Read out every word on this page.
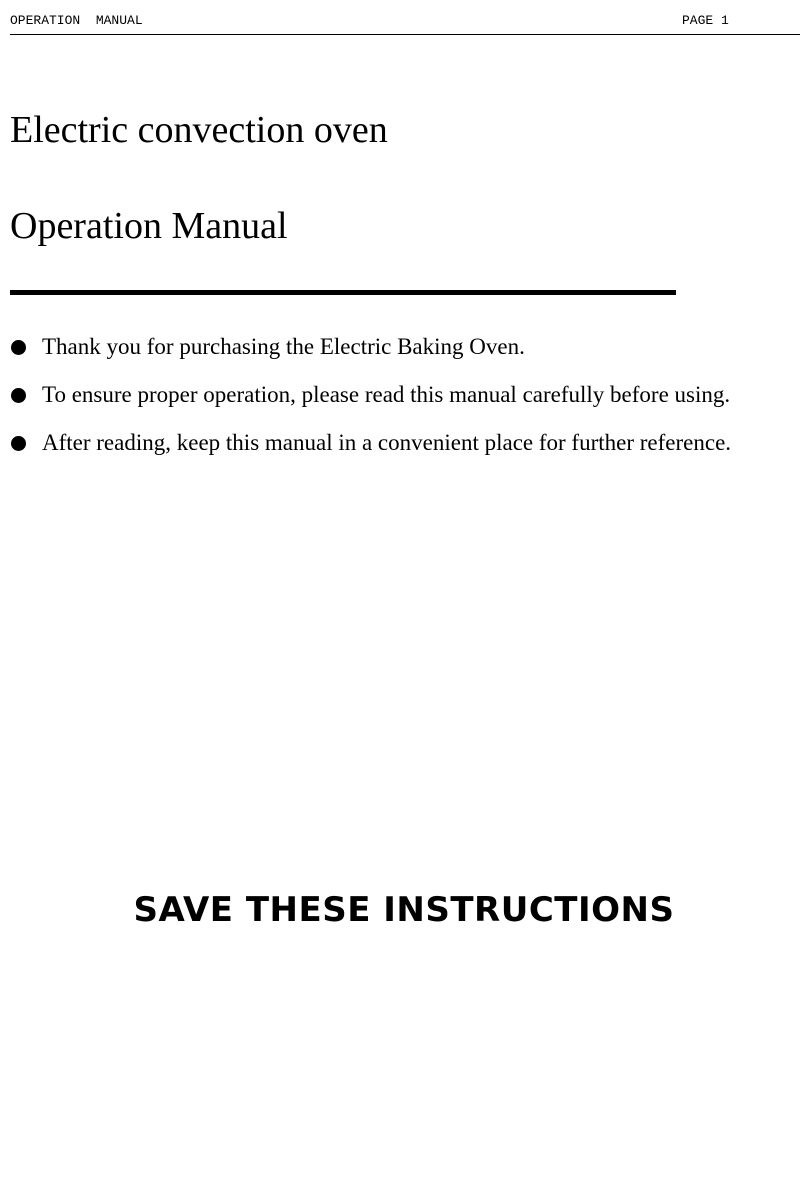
OPERATION  MANUAL	PAGE 1
Electric convection oven
Operation Manual
Thank you for purchasing the Electric Baking Oven.
To ensure proper operation, please read this manual carefully before using.
After reading, keep this manual in a convenient place for further reference.
SAVE THESE INSTRUCTIONS
